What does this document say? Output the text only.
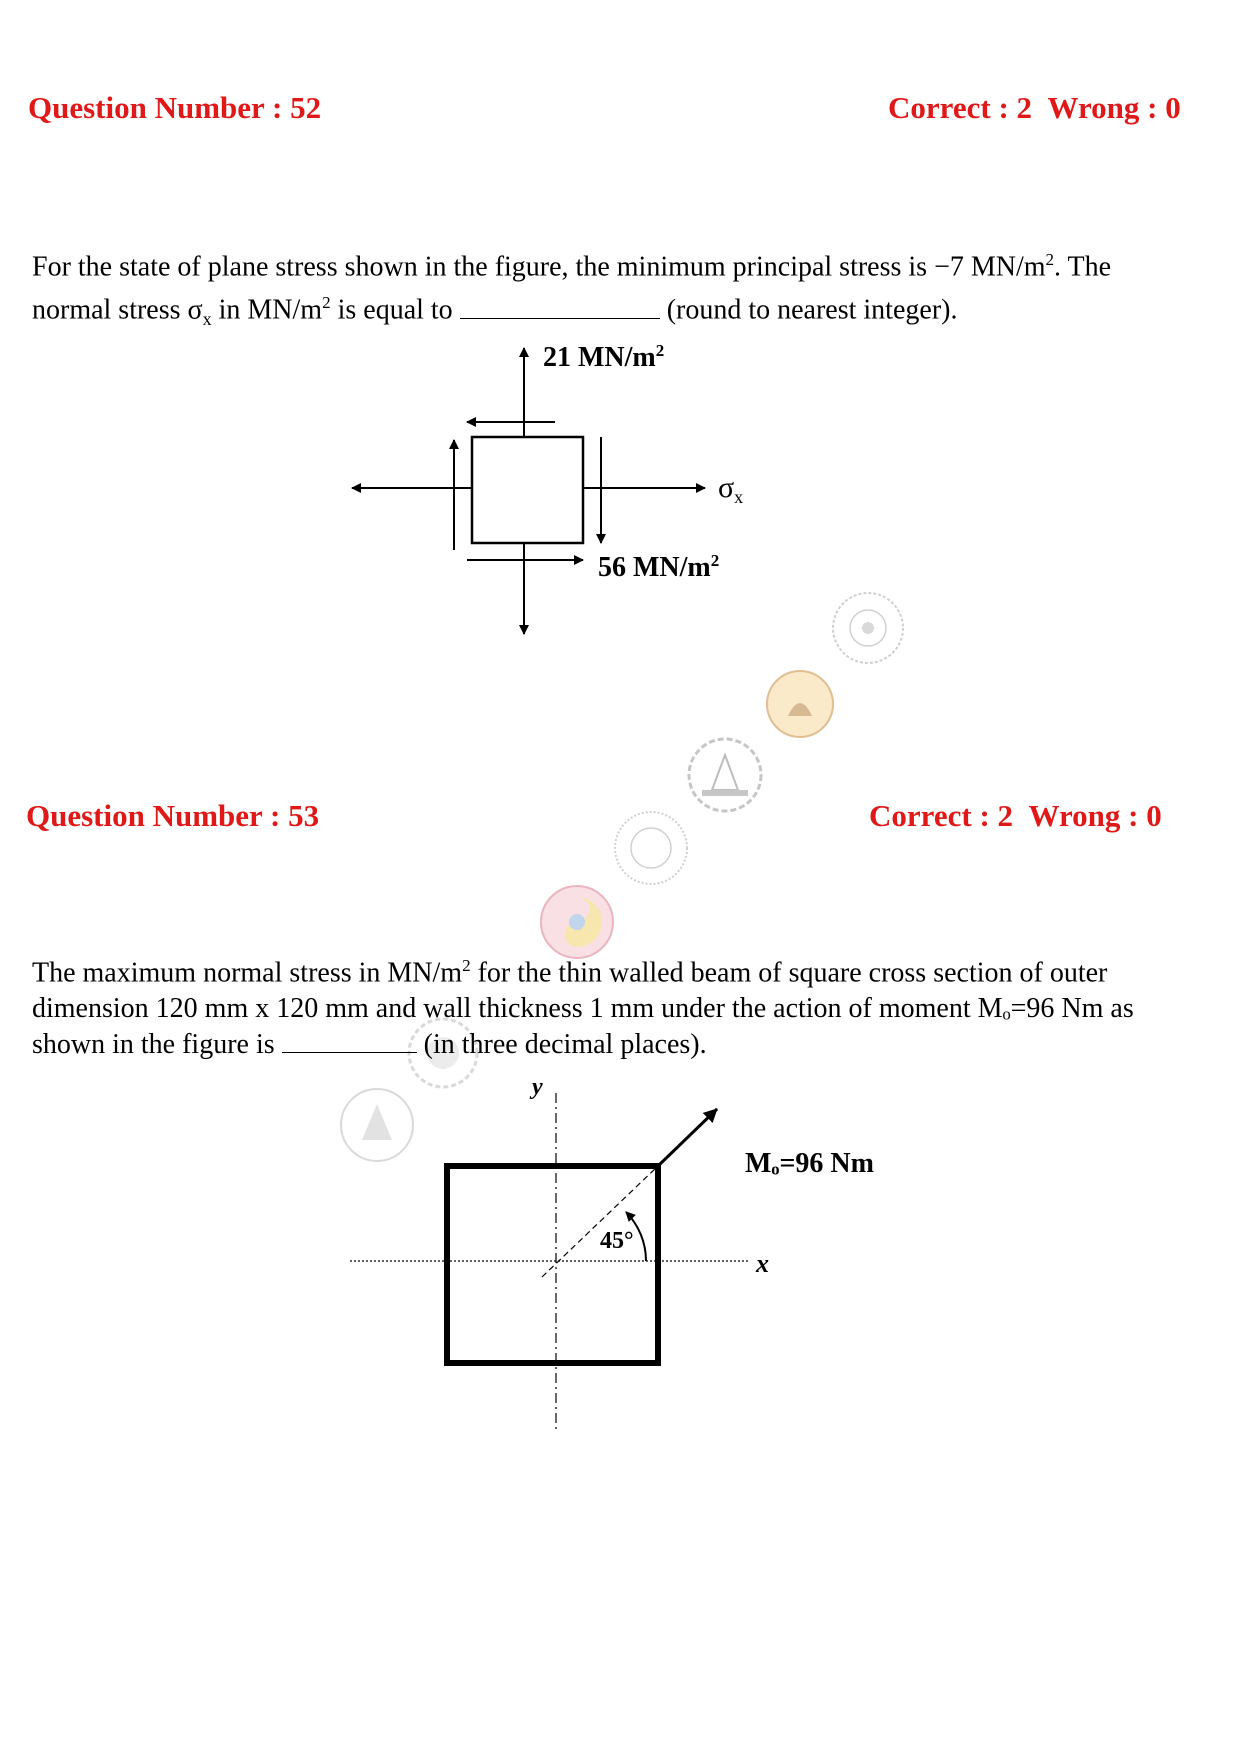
Question Number : 52	Correct : 2 Wrong : 0

For the state of plane stress shown in the figure, the minimum principal stress is −7 $MN/m^2$. The

normal stress $\sigma_x$ in $MN/m^2$ is equal to	(round to nearest integer).

21 $MN/m^2$
$\sigma_x$
56 $MN/m^2$
y
x
Mₒ=96 Nm
45°
Question Number : 53	Correct : 2 Wrong : 0

The maximum normal stress in $MN/m^2$ for the thin walled beam of square cross section of outer

dimension 120 mm x 120 mm and wall thickness 1 mm under the action of moment Mₒ=96 Nm as

shown in the figure is	(in three decimal places).
